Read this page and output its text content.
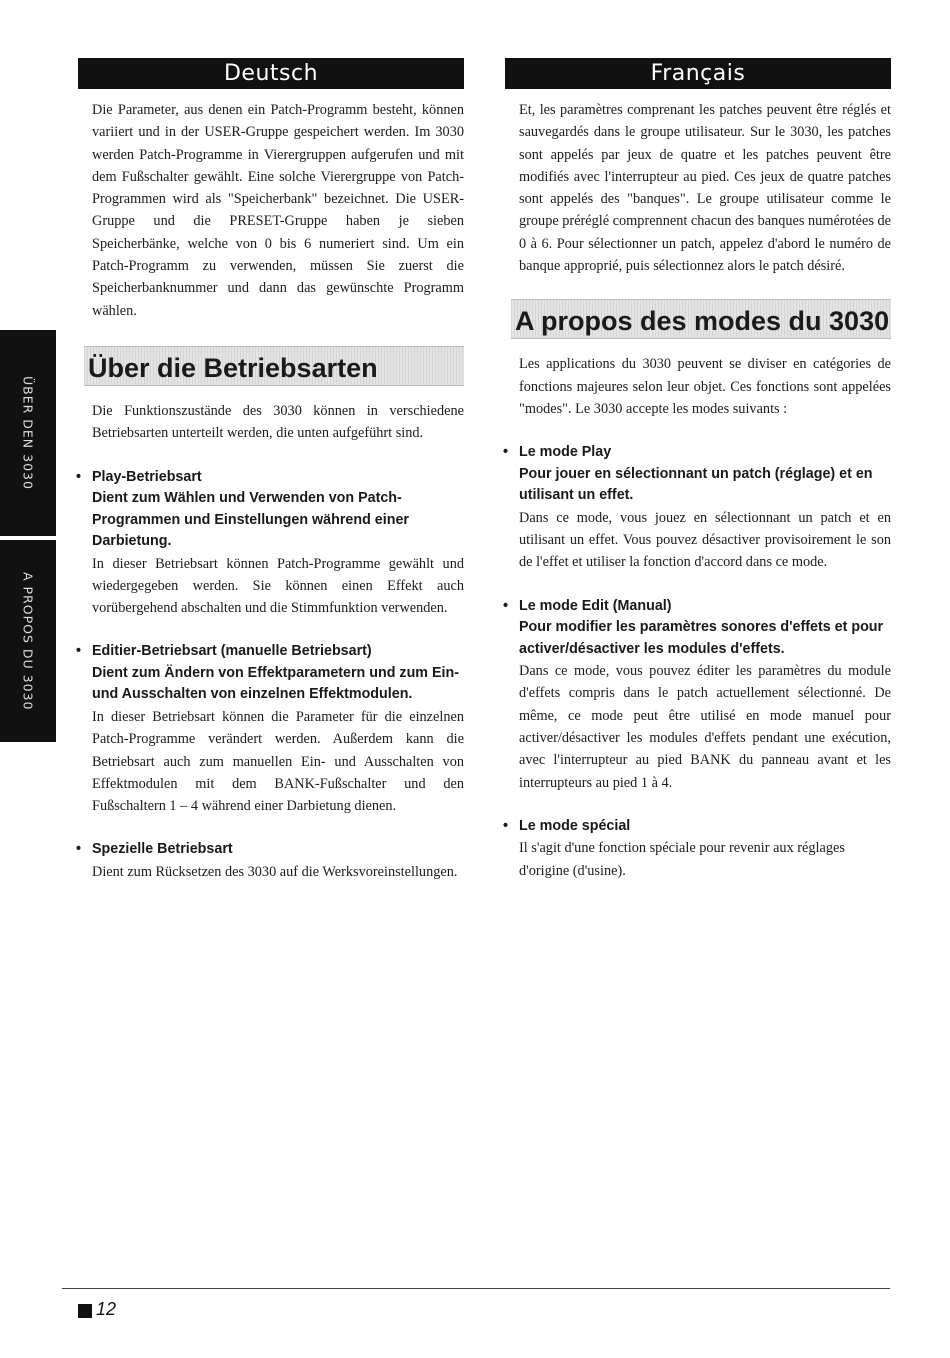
ÜBER DEN 3030
A PROPOS DU 3030
Deutsch

Die Parameter, aus denen ein Patch-Programm besteht, können variiert und in der USER-Gruppe gespeichert werden. Im 3030 werden Patch-Programme in Vierergruppen aufgerufen und mit dem Fußschalter gewählt. Eine solche Vierergruppe von Patch-Programmen wird als "Speicherbank" bezeichnet. Die USER-Gruppe und die PRESET-Gruppe haben je sieben Speicherbänke, welche von 0 bis 6 numeriert sind. Um ein Patch-Programm zu verwenden, müssen Sie zuerst die Speicherbanknummer und dann das gewünschte Programm wählen.

Über die Betriebsarten

Die Funktionszustände des 3030 können in verschiedene Betriebsarten unterteilt werden, die unten aufgeführt sind.

• Play-Betriebsart
Dient zum Wählen und Verwenden von Patch-Programmen und Einstellungen während einer Darbietung.

In dieser Betriebsart können Patch-Programme gewählt und wiedergegeben werden. Sie können einen Effekt auch vorübergehend abschalten und die Stimmfunktion verwenden.

• Editier-Betriebsart (manuelle Betriebsart)
Dient zum Ändern von Effektparametern und zum Ein- und Ausschalten von einzelnen Effektmodulen.

In dieser Betriebsart können die Parameter für die einzelnen Patch-Programme verändert werden. Außerdem kann die Betriebsart auch zum manuellen Ein- und Ausschalten von Effektmodulen mit dem BANK-Fußschalter und den Fußschaltern 1 – 4 während einer Darbietung dienen.

• Spezielle Betriebsart

Dient zum Rücksetzen des 3030 auf die Werksvoreinstellungen.

Français

Et, les paramètres comprenant les patches peuvent être réglés et sauvegardés dans le groupe utilisateur. Sur le 3030, les patches sont appelés par jeux de quatre et les patches peuvent être modifiés avec l'interrupteur au pied. Ces jeux de quatre patches sont appelés des "banques". Le groupe utilisateur comme le groupe préréglé comprennent chacun des banques numérotées de 0 à 6. Pour sélectionner un patch, appelez d'abord le numéro de banque approprié, puis sélectionnez alors le patch désiré.

A propos des modes du 3030

Les applications du 3030 peuvent se diviser en catégories de fonctions majeures selon leur objet. Ces fonctions sont appelées "modes". Le 3030 accepte les modes suivants :

• Le mode Play
Pour jouer en sélectionnant un patch (réglage) et en utilisant un effet.

Dans ce mode, vous jouez en sélectionnant un patch et en utilisant un effet. Vous pouvez désactiver provisoirement le son de l'effet et utiliser la fonction d'accord dans ce mode.

• Le mode Edit (Manual)
Pour modifier les paramètres sonores d'effets et pour activer/désactiver les modules d'effets.

Dans ce mode, vous pouvez éditer les paramètres du module d'effets compris dans le patch actuellement sélectionné. De même, ce mode peut être utilisé en mode manuel pour activer/désactiver les modules d'effets pendant une exécution, avec l'interrupteur au pied BANK du panneau avant et les interrupteurs au pied 1 à 4.

• Le mode spécial

Il s'agit d'une fonction spéciale pour revenir aux réglages d'origine (d'usine).

12
